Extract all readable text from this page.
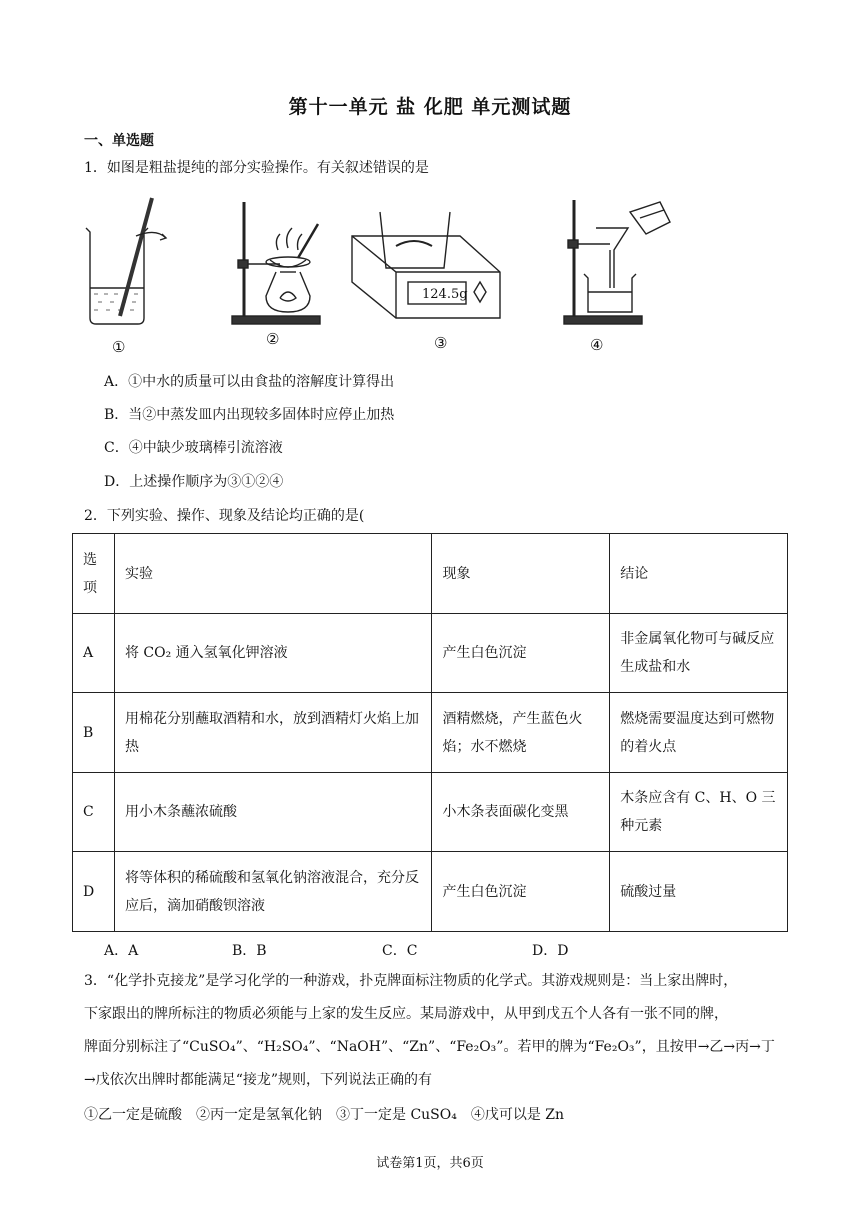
第十一单元 盐 化肥 单元测试题
一、单选题
1．如图是粗盐提纯的部分实验操作。有关叙述错误的是
124.5g
①	②	③	④
A．①中水的质量可以由食盐的溶解度计算得出
B．当②中蒸发皿内出现较多固体时应停止加热
C．④中缺少玻璃棒引流溶液
D．上述操作顺序为③①②④
2．下列实验、操作、现象及结论均正确的是(
选项	实验	现象	结论
A	将 CO₂ 通入氢氧化钾溶液	产生白色沉淀	非金属氧化物可与碱反应生成盐和水
B	用棉花分别蘸取酒精和水，放到酒精灯火焰上加热	酒精燃烧，产生蓝色火焰；水不燃烧	燃烧需要温度达到可燃物的着火点
C	用小木条蘸浓硫酸	小木条表面碳化变黑	木条应含有 C、H、O 三种元素
D	将等体积的稀硫酸和氢氧化钠溶液混合，充分反应后，滴加硝酸钡溶液	产生白色沉淀	硫酸过量
A．A	B．B	C．C	D．D
3．“化学扑克接龙”是学习化学的一种游戏，扑克牌面标注物质的化学式。其游戏规则是：当上家出牌时，
下家跟出的牌所标注的物质必须能与上家的发生反应。某局游戏中，从甲到戊五个人各有一张不同的牌，
牌面分别标注了“CuSO₄”、“H₂SO₄”、“NaOH”、“Zn”、“Fe₂O₃”。若甲的牌为“Fe₂O₃”，且按甲→乙→丙→丁
→戊依次出牌时都能满足“接龙”规则，下列说法正确的有
①乙一定是硫酸　②丙一定是氢氧化钠　③丁一定是 CuSO₄　④戊可以是 Zn
试卷第1页，共6页
